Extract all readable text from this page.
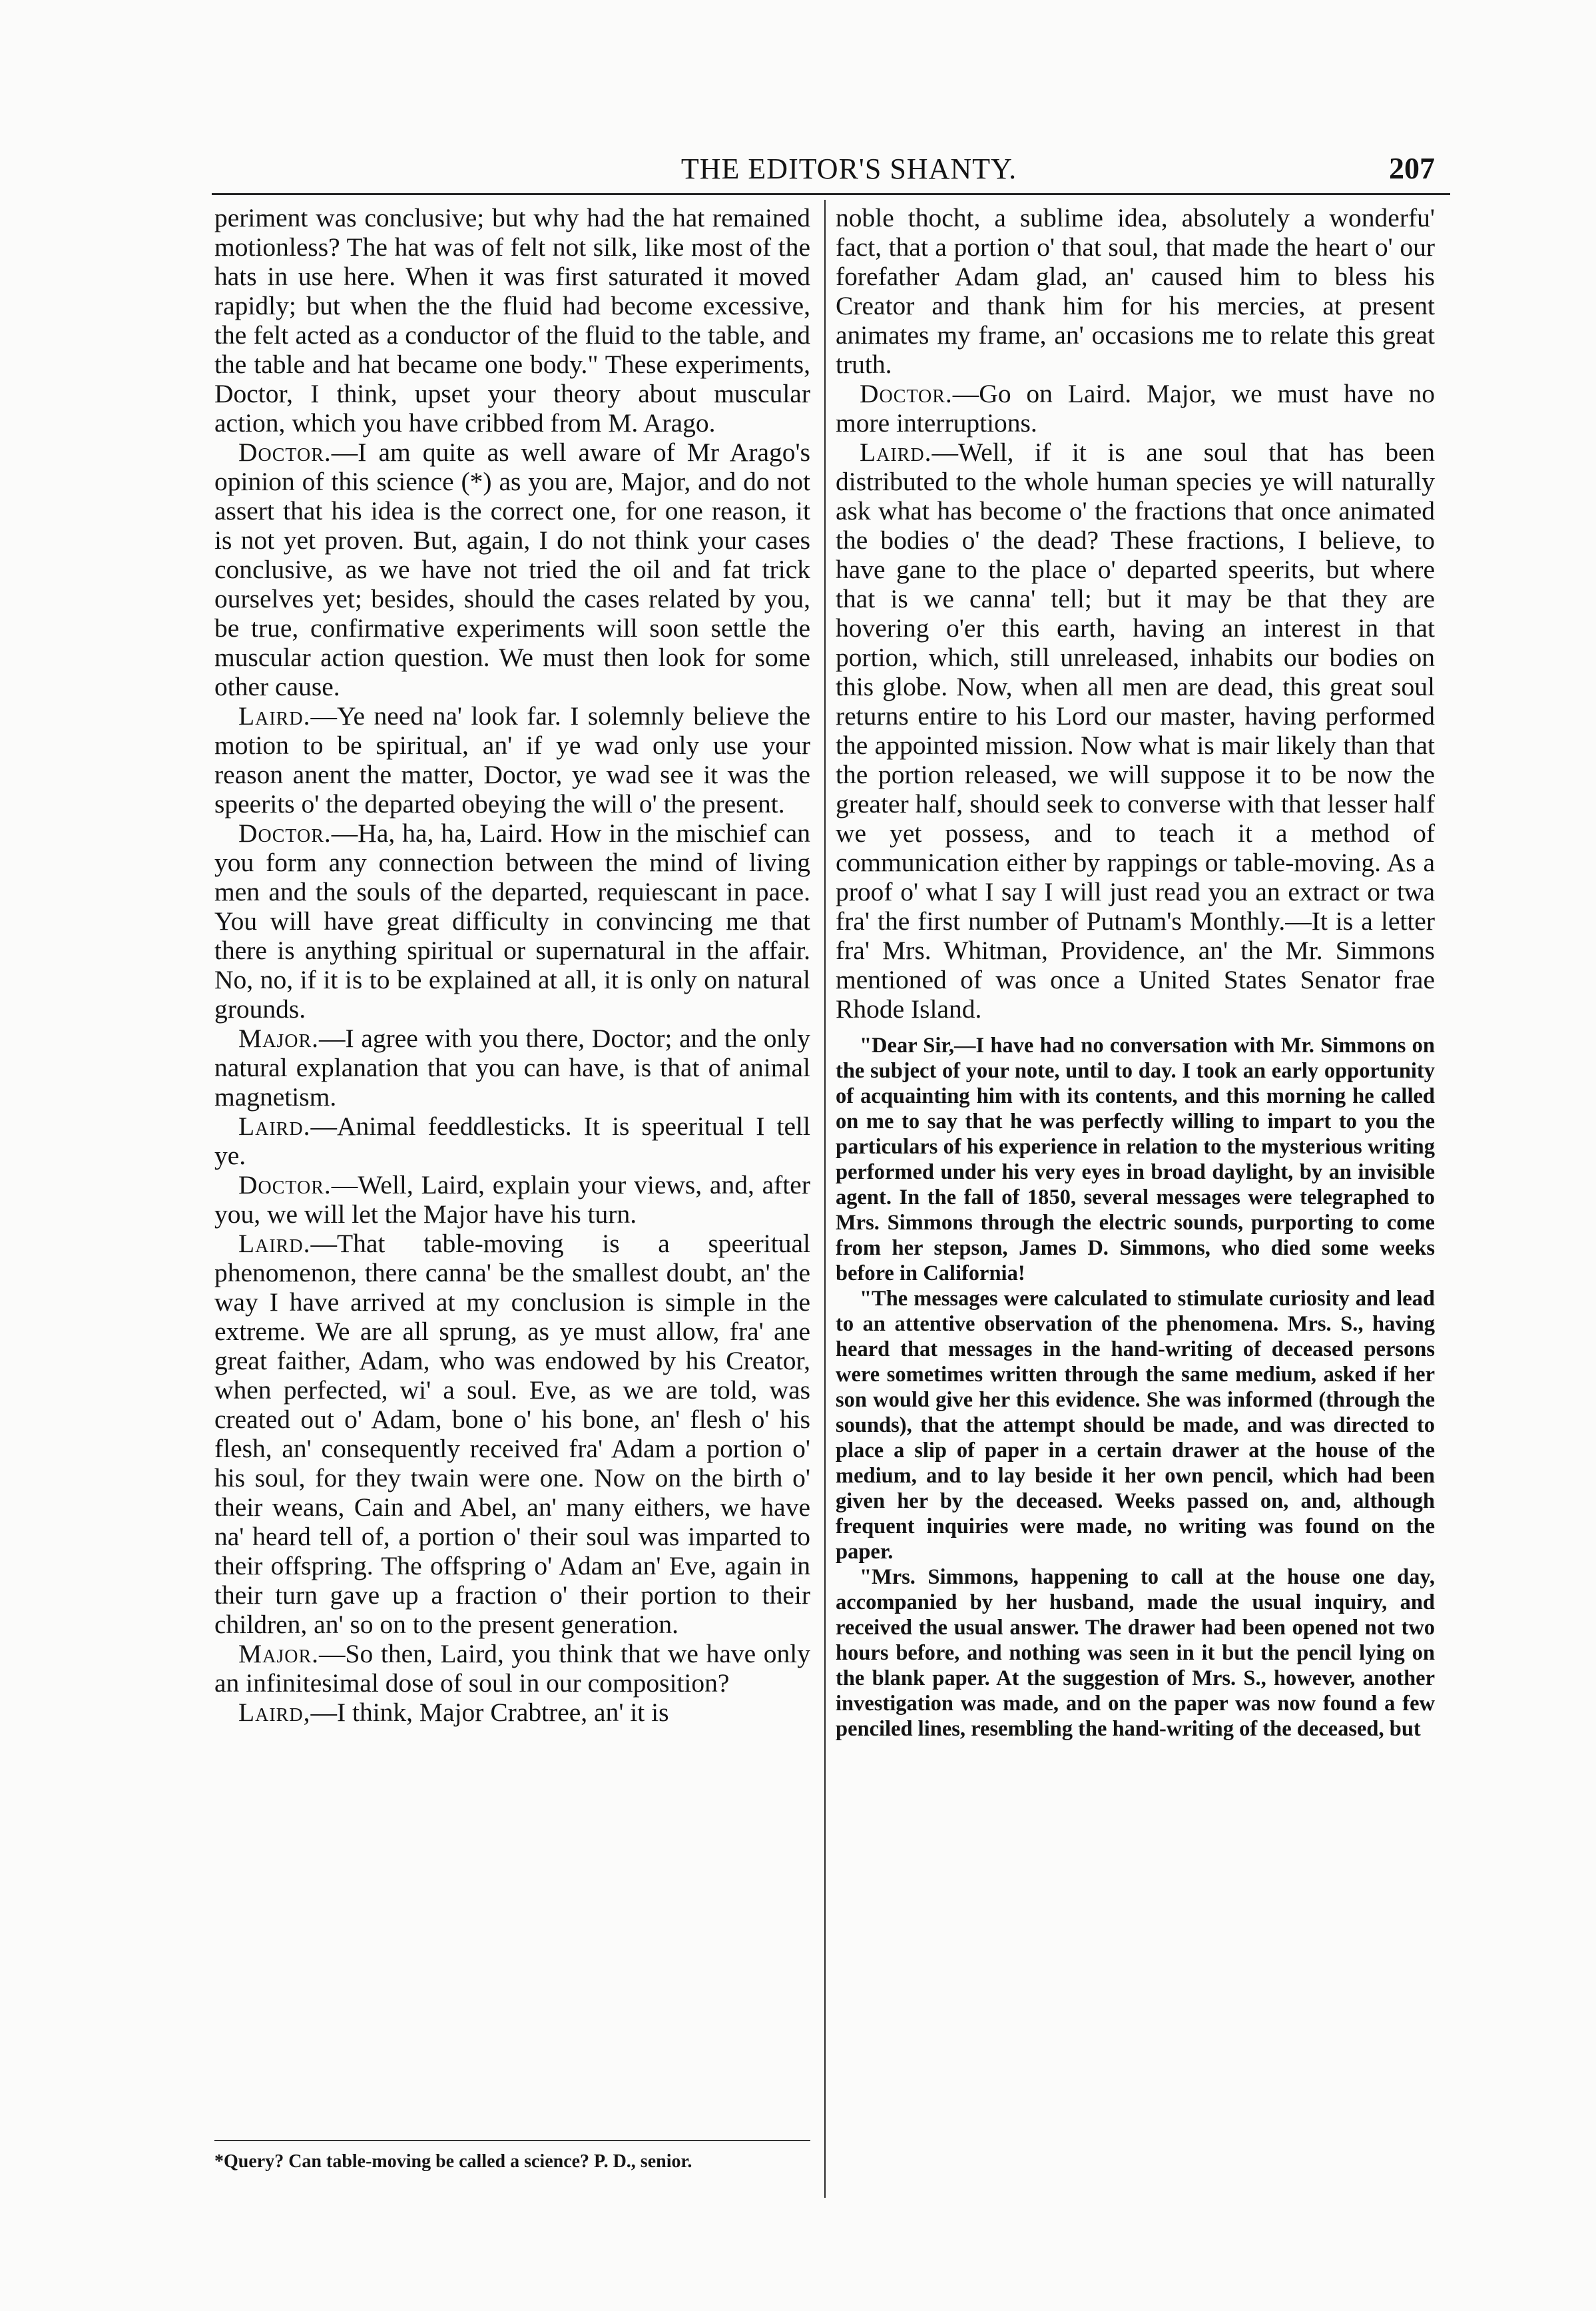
THE EDITOR'S SHANTY.	207

periment was conclusive; but why had the hat remained motionless? The hat was of felt not silk, like most of the hats in use here. When it was first saturated it moved rapidly; but when the the fluid had become excessive, the felt acted as a conductor of the fluid to the table, and the table and hat became one body." These experiments, Doctor, I think, upset your theory about muscular action, which you have cribbed from M. Arago.

Doctor.—I am quite as well aware of Mr Arago's opinion of this science (*) as you are, Major, and do not assert that his idea is the correct one, for one reason, it is not yet proven. But, again, I do not think your cases conclusive, as we have not tried the oil and fat trick ourselves yet; besides, should the cases related by you, be true, confirmative experiments will soon settle the muscular action question. We must then look for some other cause.

Laird.—Ye need na' look far. I solemnly believe the motion to be spiritual, an' if ye wad only use your reason anent the matter, Doctor, ye wad see it was the speerits o' the departed obeying the will o' the present.

Doctor.—Ha, ha, ha, Laird. How in the mischief can you form any connection between the mind of living men and the souls of the departed, requiescant in pace. You will have great difficulty in convincing me that there is anything spiritual or supernatural in the affair. No, no, if it is to be explained at all, it is only on natural grounds.

Major.—I agree with you there, Doctor; and the only natural explanation that you can have, is that of animal magnetism.

Laird.—Animal feeddlesticks. It is speeritual I tell ye.

Doctor.—Well, Laird, explain your views, and, after you, we will let the Major have his turn.

Laird.—That table-moving is a speeritual phenomenon, there canna' be the smallest doubt, an' the way I have arrived at my conclusion is simple in the extreme. We are all sprung, as ye must allow, fra' ane great faither, Adam, who was endowed by his Creator, when perfected, wi' a soul. Eve, as we are told, was created out o' Adam, bone o' his bone, an' flesh o' his flesh, an' consequently received fra' Adam a portion o' his soul, for they twain were one. Now on the birth o' their weans, Cain and Abel, an' many eithers, we have na' heard tell of, a portion o' their soul was imparted to their offspring. The offspring o' Adam an' Eve, again in their turn gave up a fraction o' their portion to their children, an' so on to the present generation.

Major.—So then, Laird, you think that we have only an infinitesimal dose of soul in our composition?

Laird,—I think, Major Crabtree, an' it is

*Query? Can table-moving be called a science? P. D., senior.

noble thocht, a sublime idea, absolutely a wonderfu' fact, that a portion o' that soul, that made the heart o' our forefather Adam glad, an' caused him to bless his Creator and thank him for his mercies, at present animates my frame, an' occasions me to relate this great truth.

Doctor.—Go on Laird. Major, we must have no more interruptions.

Laird.—Well, if it is ane soul that has been distributed to the whole human species ye will naturally ask what has become o' the fractions that once animated the bodies o' the dead? These fractions, I believe, to have gane to the place o' departed speerits, but where that is we canna' tell; but it may be that they are hovering o'er this earth, having an interest in that portion, which, still unreleased, inhabits our bodies on this globe. Now, when all men are dead, this great soul returns entire to his Lord our master, having performed the appointed mission. Now what is mair likely than that the portion released, we will suppose it to be now the greater half, should seek to converse with that lesser half we yet possess, and to teach it a method of communication either by rappings or table-moving. As a proof o' what I say I will just read you an extract or twa fra' the first number of Putnam's Monthly.—It is a letter fra' Mrs. Whitman, Providence, an' the Mr. Simmons mentioned of was once a United States Senator frae Rhode Island.

"Dear Sir,—I have had no conversation with Mr. Simmons on the subject of your note, until to day. I took an early opportunity of acquainting him with its contents, and this morning he called on me to say that he was perfectly willing to impart to you the particulars of his experience in relation to the mysterious writing performed under his very eyes in broad daylight, by an invisible agent. In the fall of 1850, several messages were telegraphed to Mrs. Simmons through the electric sounds, purporting to come from her stepson, James D. Simmons, who died some weeks before in California!

"The messages were calculated to stimulate curiosity and lead to an attentive observation of the phenomena. Mrs. S., having heard that messages in the hand-writing of deceased persons were sometimes written through the same medium, asked if her son would give her this evidence. She was informed (through the sounds), that the attempt should be made, and was directed to place a slip of paper in a certain drawer at the house of the medium, and to lay beside it her own pencil, which had been given her by the deceased. Weeks passed on, and, although frequent inquiries were made, no writing was found on the paper.

"Mrs. Simmons, happening to call at the house one day, accompanied by her husband, made the usual inquiry, and received the usual answer. The drawer had been opened not two hours before, and nothing was seen in it but the pencil lying on the blank paper. At the suggestion of Mrs. S., however, another investigation was made, and on the paper was now found a few penciled lines, resembling the hand-writing of the deceased, but
